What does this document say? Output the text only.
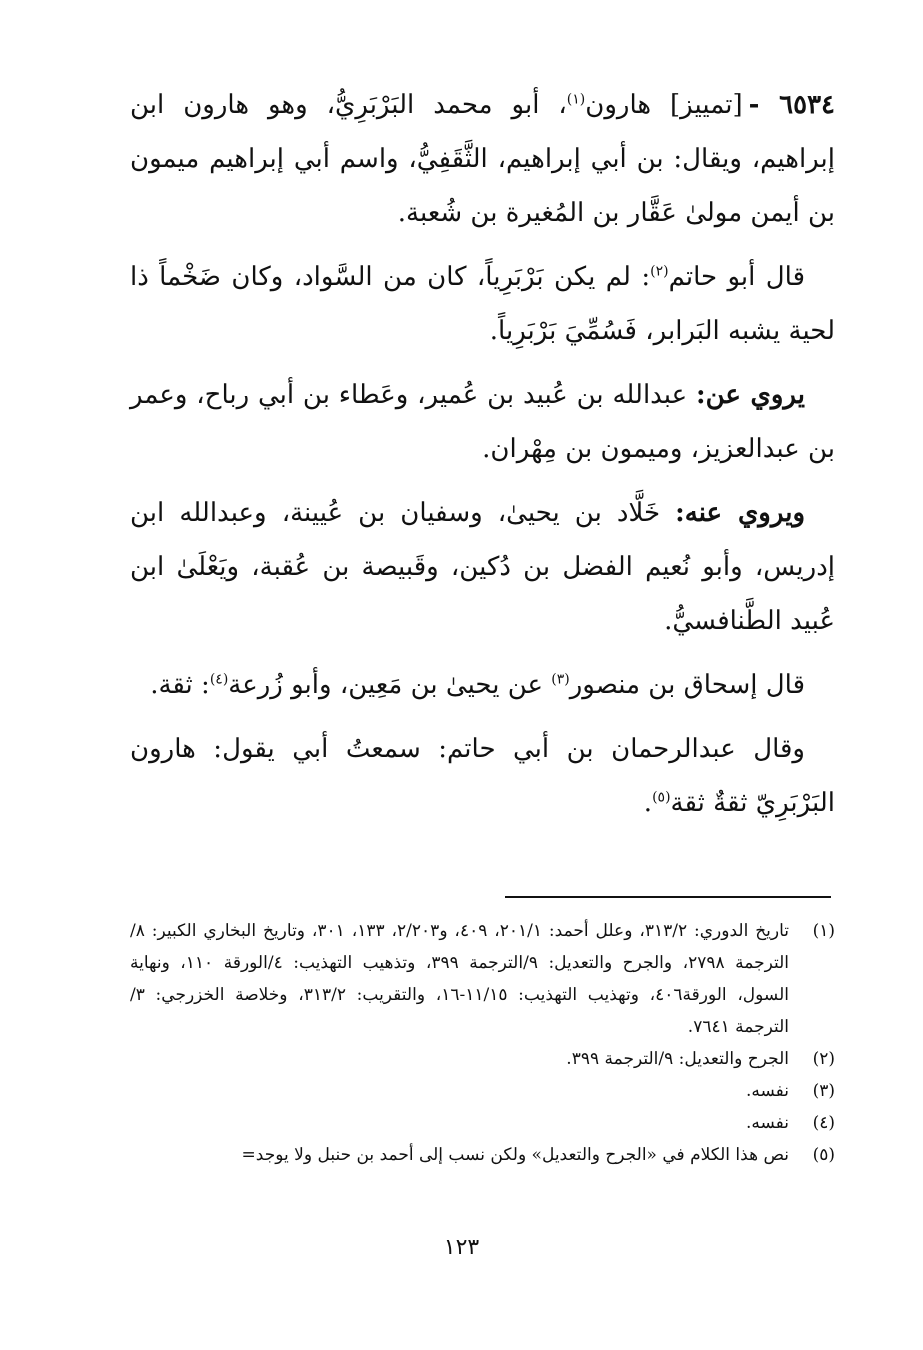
٦٥٣٤ -[تمييز] هارون$^{(١)}$، أبو محمد البَرْبَرِيُّ، وهو هارون ابن إبراهيم، ويقال: بن أبي إبراهيم، الثَّقَفِيُّ، واسم أبي إبراهيم ميمون بن أيمن مولىٰ عَقَّار بن المُغيرة بن شُعبة.

قال أبو حاتم$^{(٢)}$: لم يكن بَرْبَرِياً، كان من السَّواد، وكان ضَخْماً ذا لحية يشبه البَرابر، فَسُمِّيَ بَرْبَرِياً.

يروي عن: عبدالله بن عُبيد بن عُمير، وعَطاء بن أبي رباح، وعمر بن عبدالعزيز، وميمون بن مِهْران.

ويروي عنه: خَلَّاد بن يحيىٰ، وسفيان بن عُيينة، وعبدالله ابن إدريس، وأبو نُعيم الفضل بن دُكين، وقَبيصة بن عُقبة، ويَعْلَىٰ ابن عُبيد الطَّنافسيُّ.

قال إسحاق بن منصور$^{(٣)}$ عن يحيىٰ بن مَعِين، وأبو زُرعة$^{(٤)}$: ثقة.

وقال عبدالرحمان بن أبي حاتم: سمعتُ أبي يقول: هارون البَرْبَرِيّ ثقةٌ ثقة$^{(٥)}$.

(١)
تاريخ الدوري: ٣١٣/٢، وعلل أحمد: ٢٠١/١، ٤٠٩، و٢/٢٠٣، ١٣٣، ٣٠١، وتاريخ البخاري الكبير: ٨/الترجمة ٢٧٩٨، والجرح والتعديل: ٩/الترجمة ٣٩٩، وتذهيب التهذيب: ٤/الورقة ١١٠، ونهاية السول، الورقة٤٠٦، وتهذيب التهذيب: ١١/١٥-١٦، والتقريب: ٣١٣/٢، وخلاصة الخزرجي: ٣/الترجمة ٧٦٤١.
(٢)
الجرح والتعديل: ٩/الترجمة ٣٩٩.
(٣)
نفسه.
(٤)
نفسه.
(٥)
نص هذا الكلام في «الجرح والتعديل» ولكن نسب إلى أحمد بن حنبل ولا يوجد=
١٢٣
